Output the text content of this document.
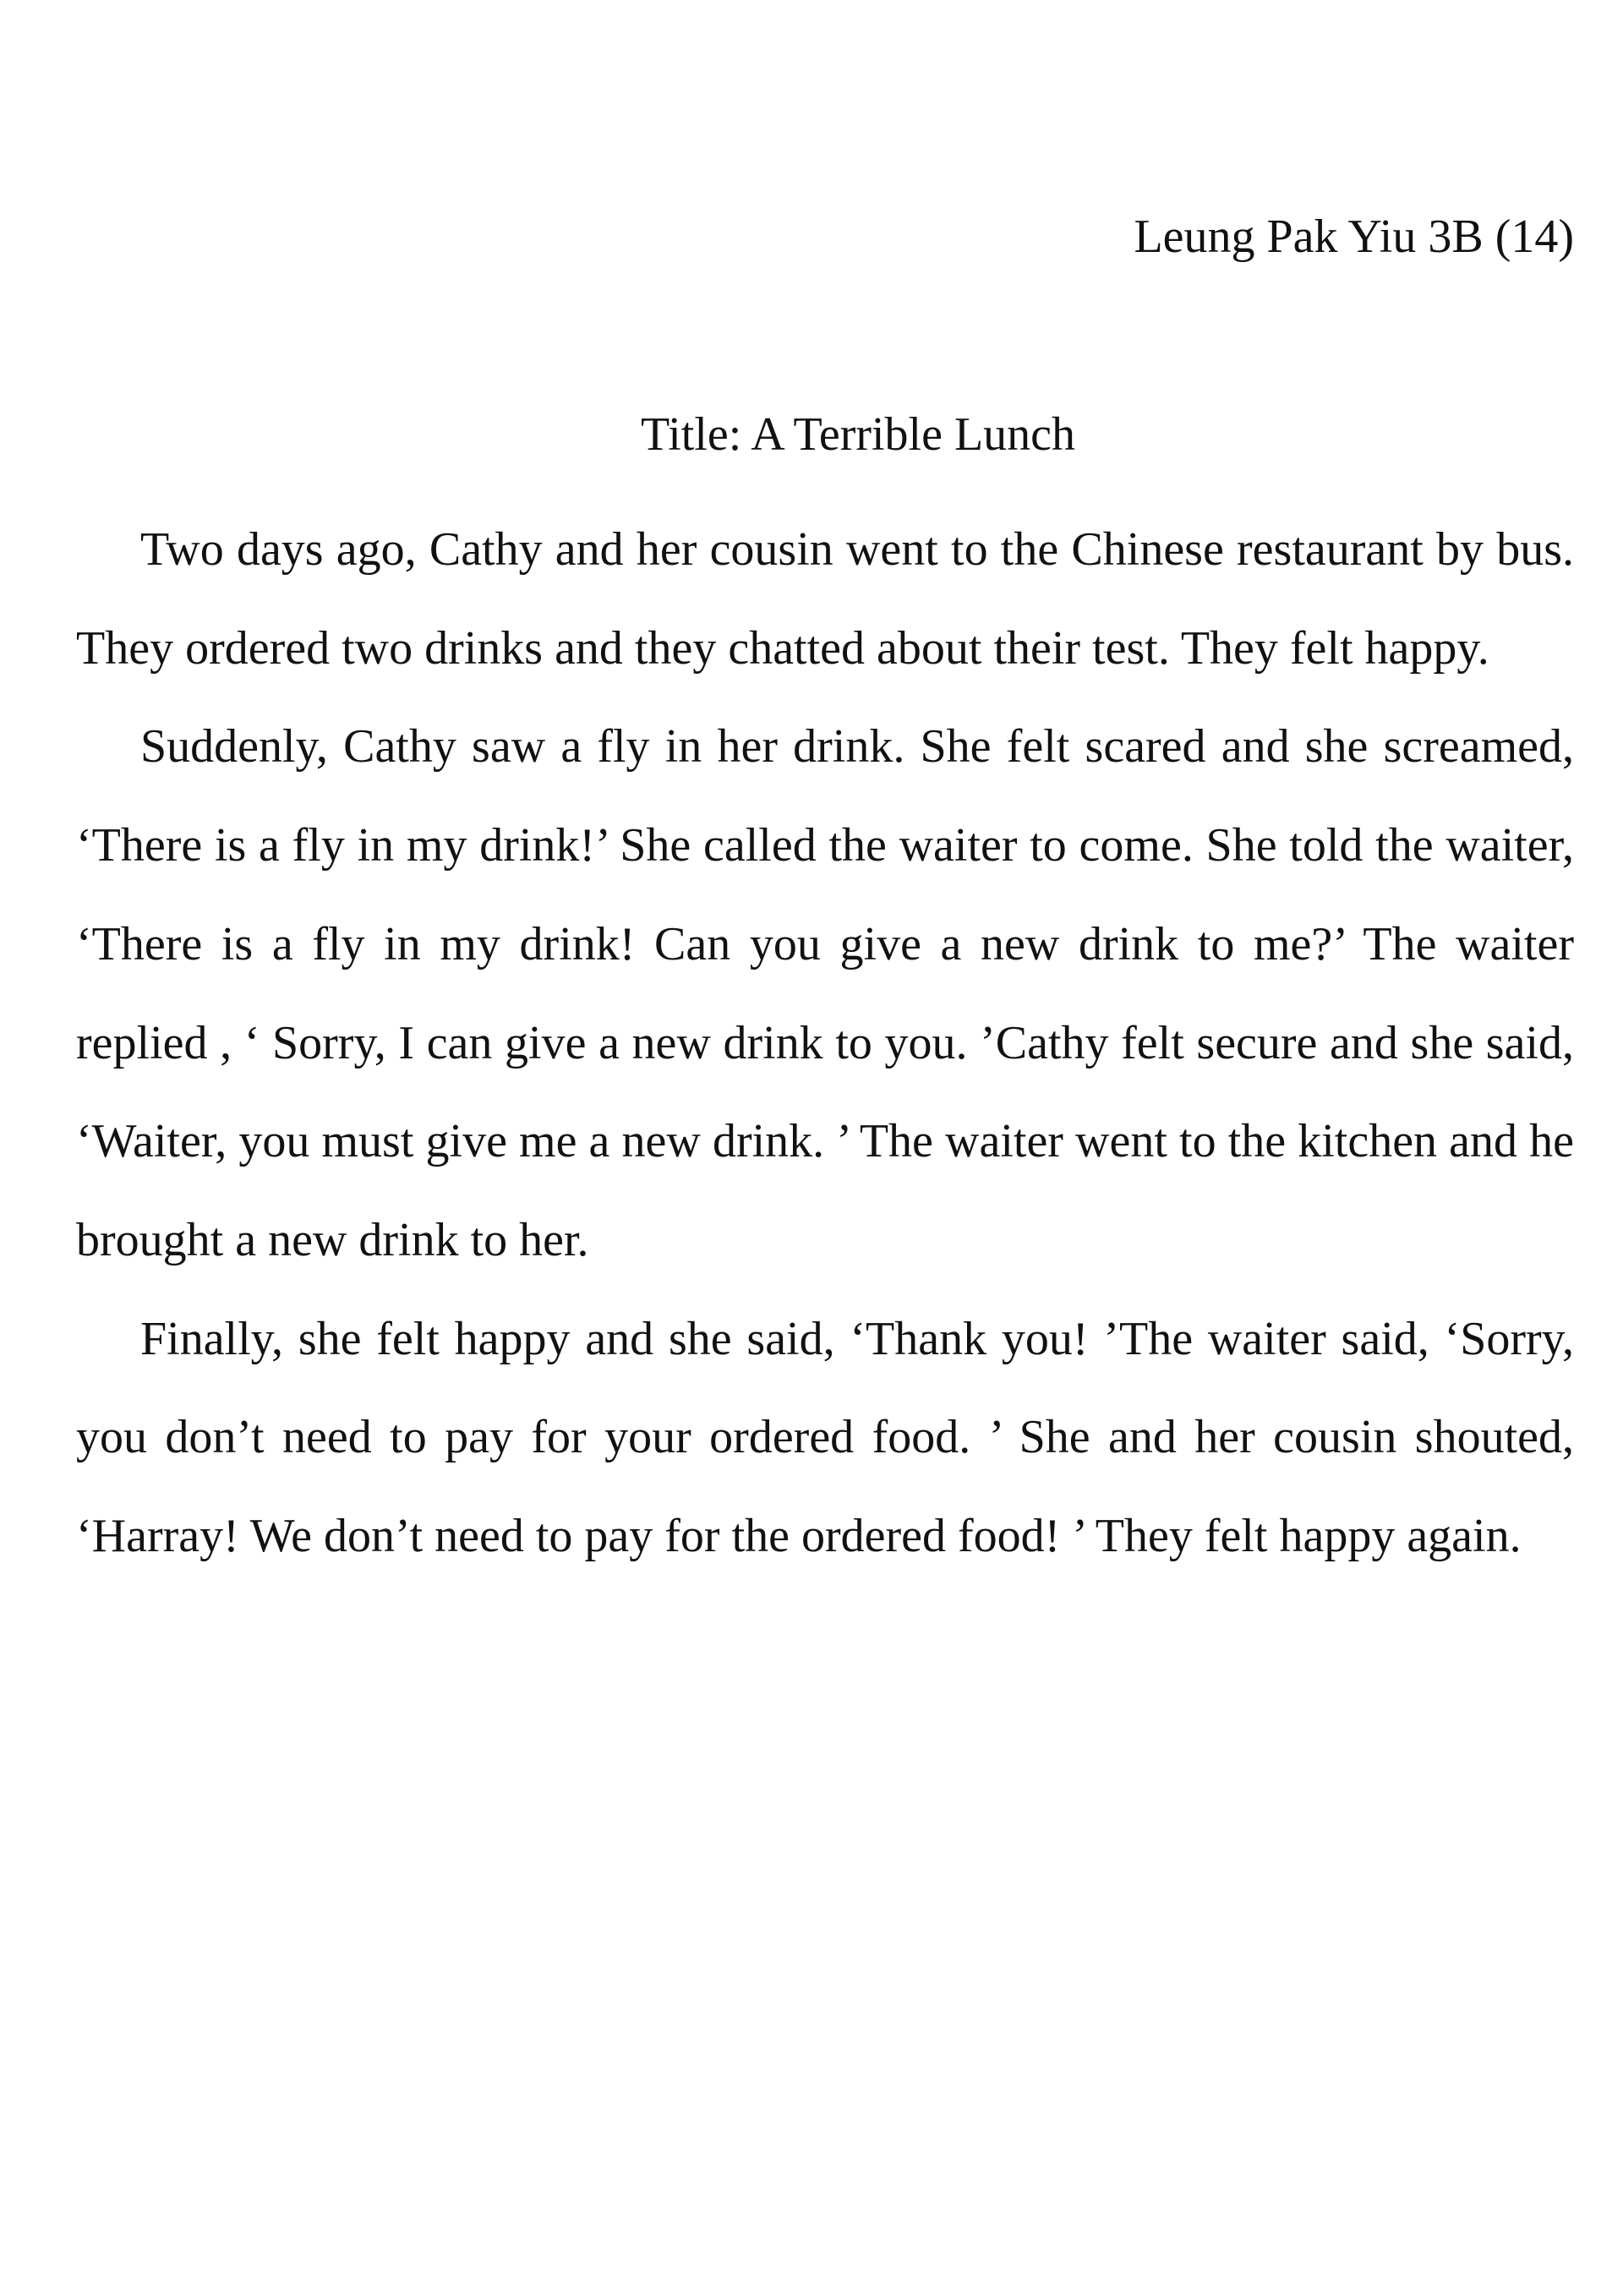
Leung Pak Yiu 3B (14)
Title: A Terrible Lunch

Two days ago, Cathy and her cousin went to the Chinese restaurant by bus. They ordered two drinks and they chatted about their test. They felt happy.

Suddenly, Cathy saw a fly in her drink. She felt scared and she screamed, ‘There is a fly in my drink!’ She called the waiter to come. She told the waiter, ‘There is a fly in my drink! Can you give a new drink to me?’ The waiter replied , ‘ Sorry, I can give a new drink to you. ’Cathy felt secure and she said, ‘Waiter, you must give me a new drink. ’ The waiter went to the kitchen and he brought a new drink to her.

Finally, she felt happy and she said, ‘Thank you! ’The waiter said, ‘Sorry, you don’t need to pay for your ordered food. ’ She and her cousin shouted, ‘Harray! We don’t need to pay for the ordered food! ’ They felt happy again.
